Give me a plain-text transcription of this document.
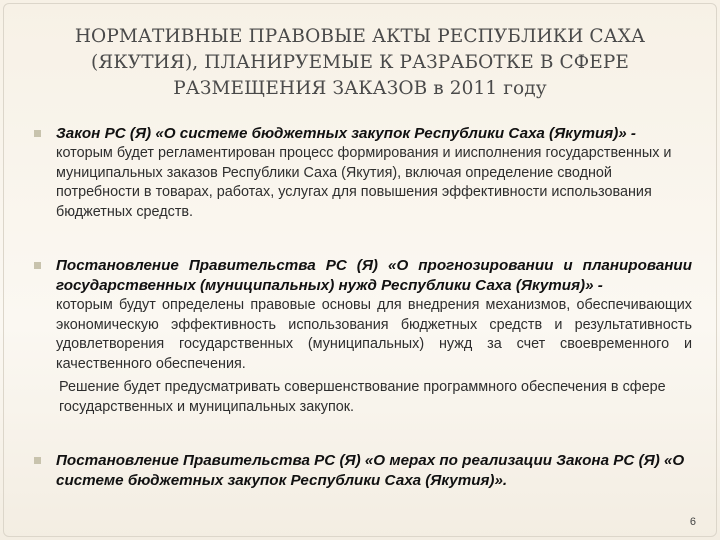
НОРМАТИВНЫЕ ПРАВОВЫЕ АКТЫ РЕСПУБЛИКИ САХА (ЯКУТИЯ), ПЛАНИРУЕМЫЕ К РАЗРАБОТКЕ В СФЕРЕ РАЗМЕЩЕНИЯ ЗАКАЗОВ в 2011 году
Закон РС (Я) «О системе бюджетных закупок Республики Саха (Якутия)» -
которым будет регламентирован процесс формирования и иисполнения государственных и муниципальных заказов Республики Саха (Якутия), включая определение сводной потребности в товарах, работах, услугах для повышения эффективности использования бюджетных средств.
Постановление Правительства РС (Я) «О прогнозировании и планировании государственных (муниципальных) нужд Республики Саха (Якутия)» -
которым будут определены правовые основы для внедрения механизмов, обеспечивающих экономическую эффективность использования бюджетных средств и результативность удовлетворения государственных (муниципальных) нужд за счет своевременного и качественного обеспечения.
Решение будет предусматривать совершенствование программного обеспечения в сфере государственных и муниципальных закупок.
Постановление Правительства РС (Я) «О мерах по реализации Закона РС (Я) «О системе бюджетных закупок Республики Саха (Якутия)».
6
